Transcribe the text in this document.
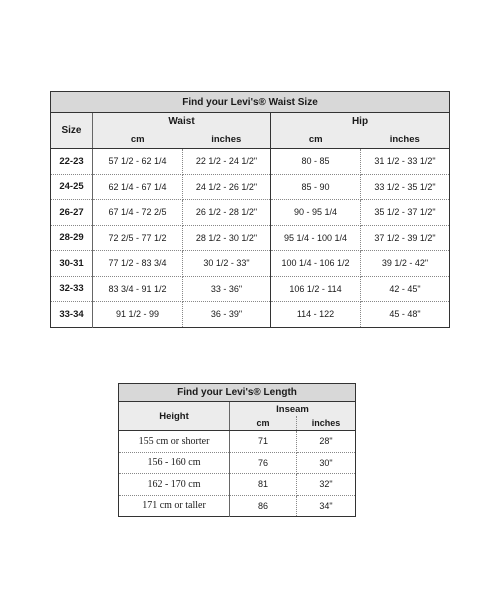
Find your Levi's® Waist Size				
Size	Waist		Hip	
	cm	inches	cm	inches
22-23	57 1/2 - 62 1/4	22 1/2 - 24 1/2"	80 - 85	31 1/2 - 33 1/2"
24-25	62 1/4 - 67 1/4	24 1/2 - 26 1/2"	85 - 90	33 1/2 - 35 1/2"
26-27	67 1/4 - 72 2/5	26 1/2 - 28 1/2"	90 - 95 1/4	35 1/2 - 37 1/2"
28-29	72 2/5 - 77 1/2	28 1/2 - 30 1/2"	95 1/4 - 100 1/4	37 1/2 - 39 1/2"
30-31	77 1/2 - 83 3/4	30 1/2 - 33"	100 1/4 - 106 1/2	39 1/2 - 42"
32-33	83 3/4 - 91 1/2	33 - 36"	106 1/2 - 114	42 - 45"
33-34	91 1/2 - 99	36 - 39"	114 - 122	45 - 48"
Find your Levi's® Length		
Height	Inseam	
	cm	inches
155 cm or shorter	71	28"
156 - 160 cm	76	30"
162 - 170 cm	81	32"
171 cm or taller	86	34"
